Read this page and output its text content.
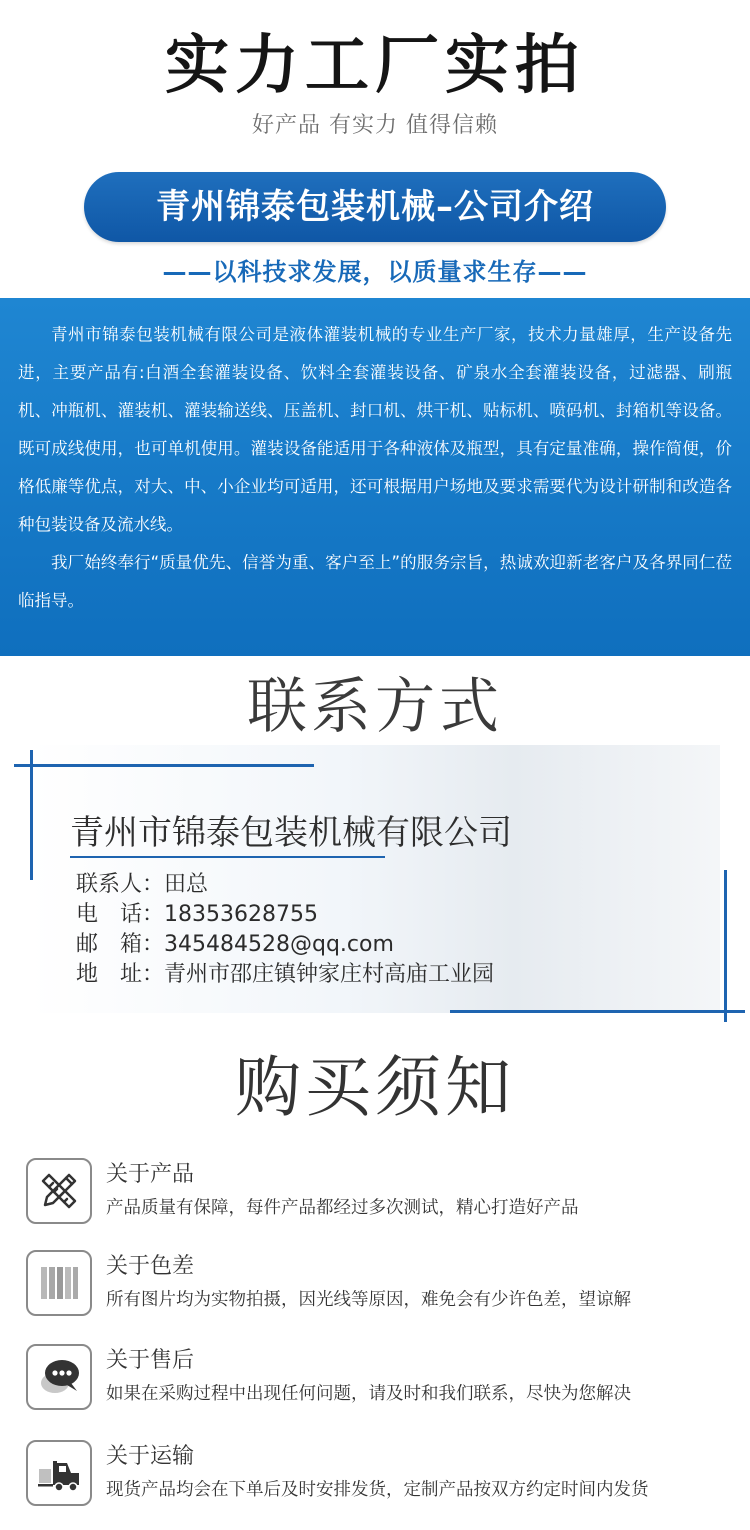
实力工厂实拍
好产品 有实力 值得信赖
青州锦泰包装机械–公司介绍
——以科技求发展，以质量求生存——

青州市锦泰包装机械有限公司是液体灌装机械的专业生产厂家，技术力量雄厚，生产设备先进，主要产品有:白酒全套灌装设备、饮料全套灌装设备、矿泉水全套灌装设备，过滤器、刷瓶机、冲瓶机、灌装机、灌装输送线、压盖机、封口机、烘干机、贴标机、喷码机、封箱机等设备。既可成线使用，也可单机使用。灌装设备能适用于各种液体及瓶型，具有定量准确，操作简便，价格低廉等优点，对大、中、小企业均可适用，还可根据用户场地及要求需要代为设计研制和改造各种包装设备及流水线。

我厂始终奉行“质量优先、信誉为重、客户至上”的服务宗旨，热诚欢迎新老客户及各界同仁莅临指导。

联系方式
青州市锦泰包装机械有限公司
联系人：田总
电　话：18353628755
邮　箱：345484528@qq.com
地　址：青州市邵庄镇钟家庄村高庙工业园
购买须知
关于产品
产品质量有保障，每件产品都经过多次测试，精心打造好产品
关于色差
所有图片均为实物拍摄，因光线等原因，难免会有少许色差，望谅解
关于售后
如果在采购过程中出现任何问题，请及时和我们联系，尽快为您解决
关于运输
现货产品均会在下单后及时安排发货，定制产品按双方约定时间内发货
